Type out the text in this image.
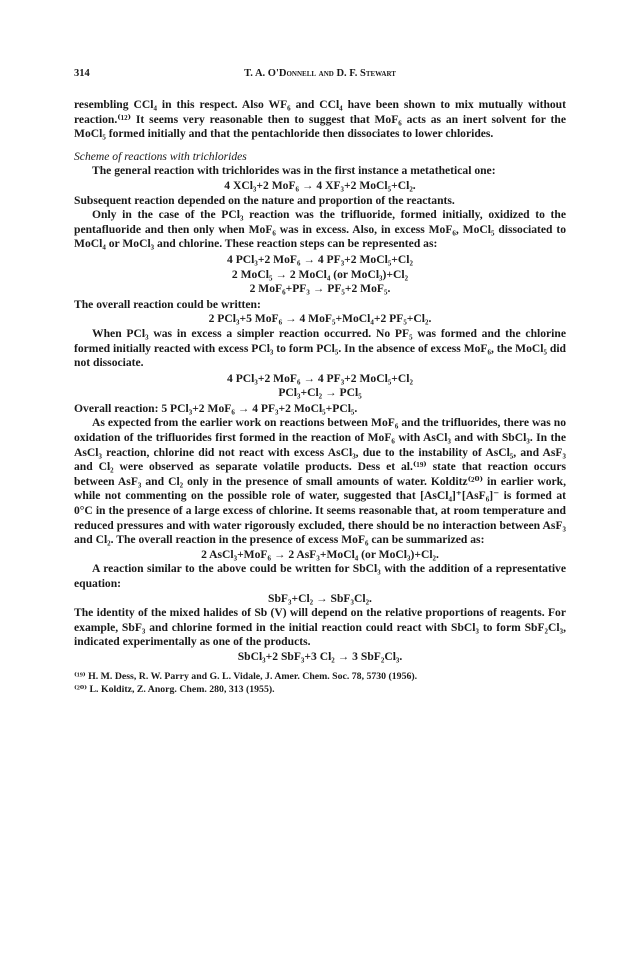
314	T. A. O'Donnell and D. F. Stewart

resembling CCl₄ in this respect. Also WF₆ and CCl₄ have been shown to mix mutually without reaction.⁽¹²⁾ It seems very reasonable then to suggest that MoF₆ acts as an inert solvent for the MoCl₅ formed initially and that the pentachloride then dissociates to lower chlorides.

Scheme of reactions with trichlorides

The general reaction with trichlorides was in the first instance a metathetical one:

4 XCl₃+2 MoF₆ → 4 XF₃+2 MoCl₅+Cl₂.

Subsequent reaction depended on the nature and proportion of the reactants.

Only in the case of the PCl₃ reaction was the trifluoride, formed initially, oxidized to the pentafluoride and then only when MoF₆ was in excess. Also, in excess MoF₆, MoCl₅ dissociated to MoCl₄ or MoCl₃ and chlorine. These reaction steps can be represented as:

4 PCl₃+2 MoF₆ → 4 PF₃+2 MoCl₅+Cl₂

2 MoCl₅ → 2 MoCl₄ (or MoCl₃)+Cl₂

2 MoF₆+PF₃ → PF₅+2 MoF₅.

The overall reaction could be written:

2 PCl₃+5 MoF₆ → 4 MoF₅+MoCl₄+2 PF₅+Cl₂.

When PCl₃ was in excess a simpler reaction occurred. No PF₅ was formed and the chlorine formed initially reacted with excess PCl₃ to form PCl₅. In the absence of excess MoF₆, the MoCl₅ did not dissociate.

4 PCl₃+2 MoF₆ → 4 PF₃+2 MoCl₅+Cl₂

PCl₃+Cl₂ → PCl₅

Overall reaction: 5 PCl₃+2 MoF₆ → 4 PF₃+2 MoCl₅+PCl₅.

As expected from the earlier work on reactions between MoF₆ and the trifluorides, there was no oxidation of the trifluorides first formed in the reaction of MoF₆ with AsCl₃ and with SbCl₃. In the AsCl₃ reaction, chlorine did not react with excess AsCl₃, due to the instability of AsCl₅, and AsF₃ and Cl₂ were observed as separate volatile products. Dess et al.⁽¹⁹⁾ state that reaction occurs between AsF₃ and Cl₂ only in the presence of small amounts of water. Kolditz⁽²⁰⁾ in earlier work, while not commenting on the possible role of water, suggested that [AsCl₄]⁺[AsF₆]⁻ is formed at 0°C in the presence of a large excess of chlorine. It seems reasonable that, at room temperature and reduced pressures and with water rigorously excluded, there should be no interaction between AsF₃ and Cl₂. The overall reaction in the presence of excess MoF₆ can be summarized as:

2 AsCl₃+MoF₆ → 2 AsF₃+MoCl₄ (or MoCl₃)+Cl₂.

A reaction similar to the above could be written for SbCl₃ with the addition of a representative equation:

SbF₃+Cl₂ → SbF₃Cl₂.

The identity of the mixed halides of Sb (V) will depend on the relative proportions of reagents. For example, SbF₃ and chlorine formed in the initial reaction could react with SbCl₃ to form SbF₂Cl₃, indicated experimentally as one of the products.

SbCl₃+2 SbF₃+3 Cl₂ → 3 SbF₂Cl₃.

⁽¹⁹⁾ H. M. Dess, R. W. Parry and G. L. Vidale, J. Amer. Chem. Soc. 78, 5730 (1956).

⁽²⁰⁾ L. Kolditz, Z. Anorg. Chem. 280, 313 (1955).
